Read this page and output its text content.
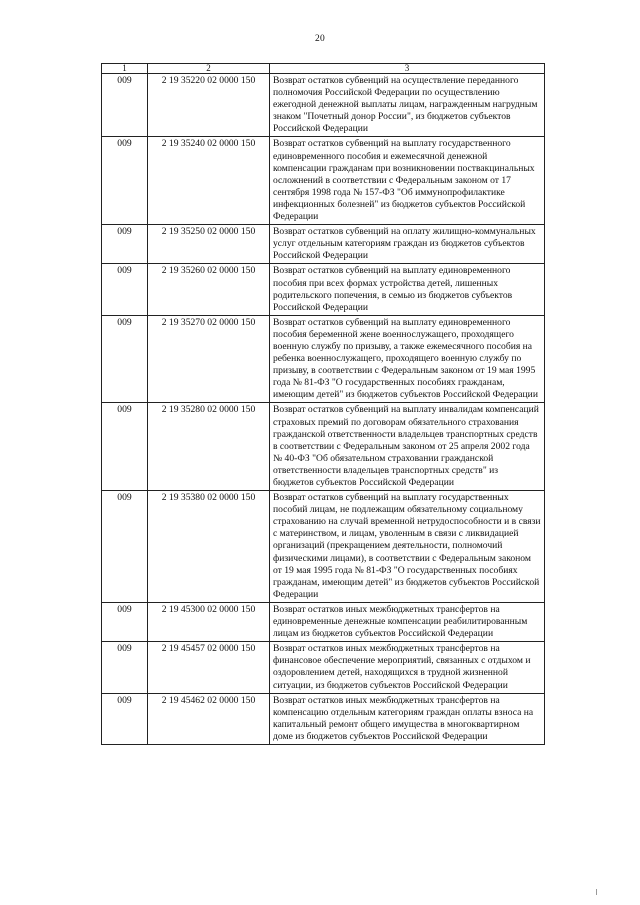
20
1	2	3
009	2 19 35220 02 0000 150	Возврат остатков субвенций на осуществление переданного полномочия Российской Федерации по осуществлению ежегодной денежной выплаты лицам, награжденным нагрудным знаком "Почетный донор России", из бюджетов субъектов Российской Федерации
009	2 19 35240 02 0000 150	Возврат остатков субвенций на выплату государственного единовременного пособия и ежемесячной денежной компенсации гражданам при возникновении поствакцинальных осложнений в соответствии с Федеральным законом от 17 сентября 1998 года № 157-ФЗ "Об иммунопрофилактике инфекционных болезней" из бюджетов субъектов Российской Федерации
009	2 19 35250 02 0000 150	Возврат остатков субвенций на оплату жилищно-коммунальных услуг отдельным категориям граждан из бюджетов субъектов Российской Федерации
009	2 19 35260 02 0000 150	Возврат остатков субвенций на выплату единовременного пособия при всех формах устройства детей, лишенных родительского попечения, в семью из бюджетов субъектов Российской Федерации
009	2 19 35270 02 0000 150	Возврат остатков субвенций на выплату единовременного пособия беременной жене военнослужащего, проходящего военную службу по призыву, а также ежемесячного пособия на ребенка военнослужащего, проходящего военную службу по призыву, в соответствии с Федеральным законом от 19 мая 1995 года № 81-ФЗ "О государственных пособиях гражданам, имеющим детей" из бюджетов субъектов Российской Федерации
009	2 19 35280 02 0000 150	Возврат остатков субвенций на выплату инвалидам компенсаций страховых премий по договорам обязательного страхования гражданской ответственности владельцев транспортных средств в соответствии с Федеральным законом от 25 апреля 2002 года № 40-ФЗ "Об обязательном страховании гражданской ответственности владельцев транспортных средств" из бюджетов субъектов Российской Федерации
009	2 19 35380 02 0000 150	Возврат остатков субвенций на выплату государственных пособий лицам, не подлежащим обязательному социальному страхованию на случай временной нетрудоспособности и в связи с материнством, и лицам, уволенным в связи с ликвидацией организаций (прекращением деятельности, полномочий физическими лицами), в соответствии с Федеральным законом от 19 мая 1995 года № 81-ФЗ "О государственных пособиях гражданам, имеющим детей" из бюджетов субъектов Российской Федерации
009	2 19 45300 02 0000 150	Возврат остатков иных межбюджетных трансфертов на единовременные денежные компенсации реабилитированным лицам из бюджетов субъектов Российской Федерации
009	2 19 45457 02 0000 150	Возврат остатков иных межбюджетных трансфертов на финансовое обеспечение мероприятий, связанных с отдыхом и оздоровлением детей, находящихся в трудной жизненной ситуации, из бюджетов субъектов Российской Федерации
009	2 19 45462 02 0000 150	Возврат остатков иных межбюджетных трансфертов на компенсацию отдельным категориям граждан оплаты взноса на капитальный ремонт общего имущества в многоквартирном доме из бюджетов субъектов Российской Федерации
